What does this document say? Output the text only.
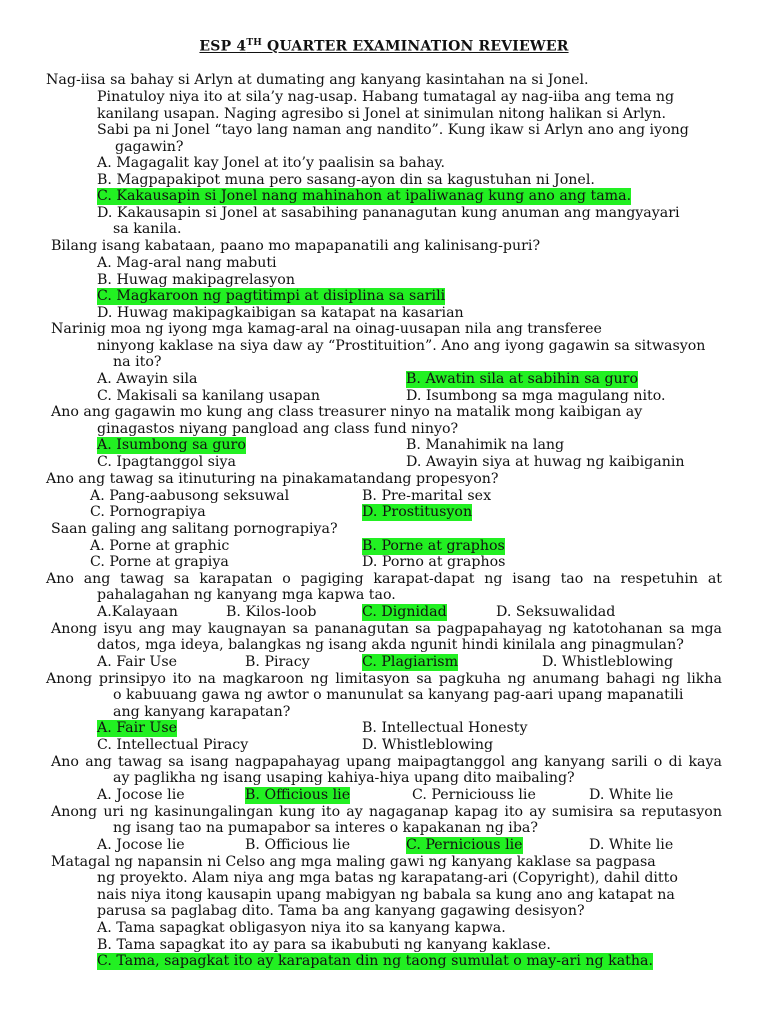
ESP 4TH QUARTER EXAMINATION REVIEWER
Nag-iisa sa bahay si Arlyn at dumating ang kanyang kasintahan na si Jonel.
Pinatuloy niya ito at sila’y nag-usap. Habang tumatagal ay nag-iiba ang tema ng
kanilang usapan. Naging agresibo si Jonel at sinimulan nitong halikan si Arlyn.
Sabi pa ni Jonel “tayo lang naman ang nandito”. Kung ikaw si Arlyn ano ang iyong
gagawin?
A. Magagalit kay Jonel at ito’y paalisin sa bahay.
B. Magpapakipot muna pero sasang-ayon din sa kagustuhan ni Jonel.
C. Kakausapin si Jonel nang mahinahon at ipaliwanag kung ano ang tama.
D. Kakausapin si Jonel at sasabihing pananagutan kung anuman ang mangyayari
sa kanila.
Bilang isang kabataan, paano mo mapapanatili ang kalinisang-puri?
A. Mag-aral nang mabuti
B. Huwag makipagrelasyon
C. Magkaroon ng pagtitimpi at disiplina sa sarili
D. Huwag makipagkaibigan sa katapat na kasarian
Narinig moa ng iyong mga kamag-aral na oinag-uusapan nila ang transferee
ninyong kaklase na siya daw ay “Prostituition”. Ano ang iyong gagawin sa sitwasyon
na ito?
A. Awayin sila	B. Awatin sila at sabihin sa guro
C. Makisali sa kanilang usapan	D. Isumbong sa mga magulang nito.
Ano ang gagawin mo kung ang class treasurer ninyo na matalik mong kaibigan ay
ginagastos niyang pangload ang class fund ninyo?
A. Isumbong sa guro	B. Manahimik na lang
C. Ipagtanggol siya	D. Awayin siya at huwag ng kaibiganin
Ano ang tawag sa itinuturing na pinakamatandang propesyon?
A. Pang-aabusong seksuwal	B. Pre-marital sex
C. Pornograpiya	D. Prostitusyon
Saan galing ang salitang pornograpiya?
A. Porne at graphic	B. Porne at graphos
C. Porne at grapiya	D. Porno at graphos
Ano ang tawag sa karapatan o pagiging karapat-dapat ng isang tao na respetuhin at
pahalagahan ng kanyang mga kapwa tao.
A.Kalayaan	B. Kilos-loob	C. Dignidad	D. Seksuwalidad
Anong isyu ang may kaugnayan sa pananagutan sa pagpapahayag ng katotohanan sa mga
datos, mga ideya, balangkas ng isang akda ngunit hindi kinilala ang pinagmulan?
A. Fair Use	B. Piracy	C. Plagiarism	D. Whistleblowing
Anong prinsipyo ito na magkaroon ng limitasyon sa pagkuha ng anumang bahagi ng likha
o kabuuang gawa ng awtor o manunulat sa kanyang pag-aari upang mapanatili
ang kanyang karapatan?
A. Fair Use	B. Intellectual Honesty
C. Intellectual Piracy	D. Whistleblowing
Ano ang tawag sa isang nagpapahayag upang maipagtanggol ang kanyang sarili o di kaya
ay paglikha ng isang usaping kahiya-hiya upang dito maibaling?
A. Jocose lie	B. Officious lie	C. Perniciouss lie	D. White lie
Anong uri ng kasinungalingan kung ito ay nagaganap kapag ito ay sumisira sa reputasyon
ng isang tao na pumapabor sa interes o kapakanan ng iba?
A. Jocose lie	B. Officious lie	C. Pernicious lie	D. White lie
Matagal ng napansin ni Celso ang mga maling gawi ng kanyang kaklase sa pagpasa
ng proyekto. Alam niya ang mga batas ng karapatang-ari (Copyright), dahil ditto
nais niya itong kausapin upang mabigyan ng babala sa kung ano ang katapat na
parusa sa paglabag dito. Tama ba ang kanyang gagawing desisyon?
A. Tama sapagkat obligasyon niya ito sa kanyang kapwa.
B. Tama sapagkat ito ay para sa ikabubuti ng kanyang kaklase.
C. Tama, sapagkat ito ay karapatan din ng taong sumulat o may-ari ng katha.
